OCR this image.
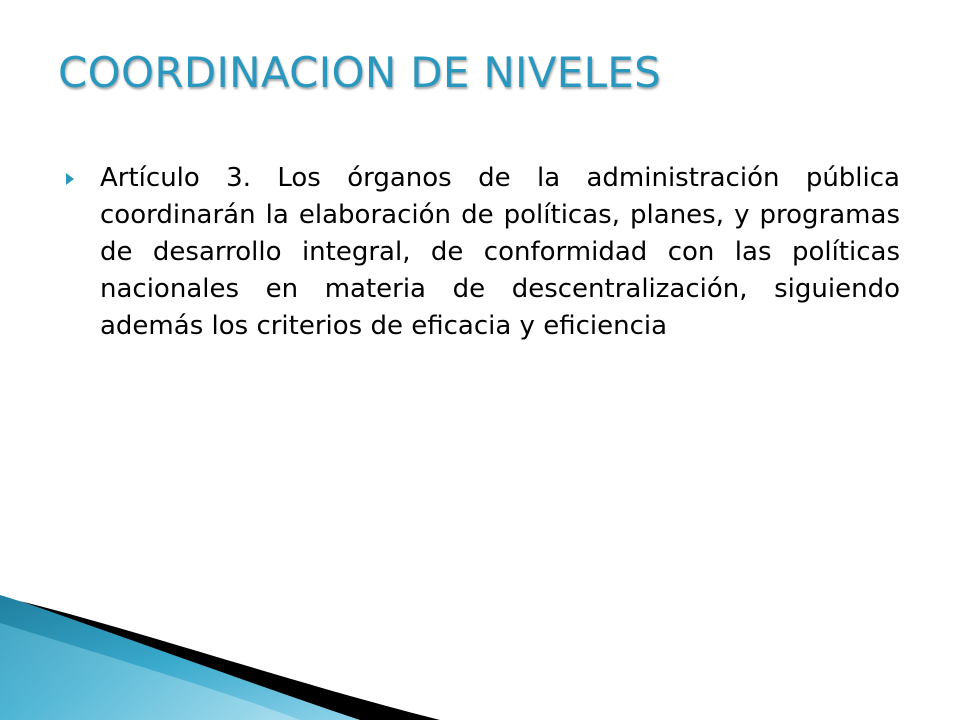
COORDINACION DE NIVELES

Artículo 3. Los órganos de la administración pública coordinarán la elaboración de políticas, planes, y programas de desarrollo integral, de conformidad con las políticas nacionales en materia de descentralización, siguiendo además los criterios de eficacia y eficiencia
